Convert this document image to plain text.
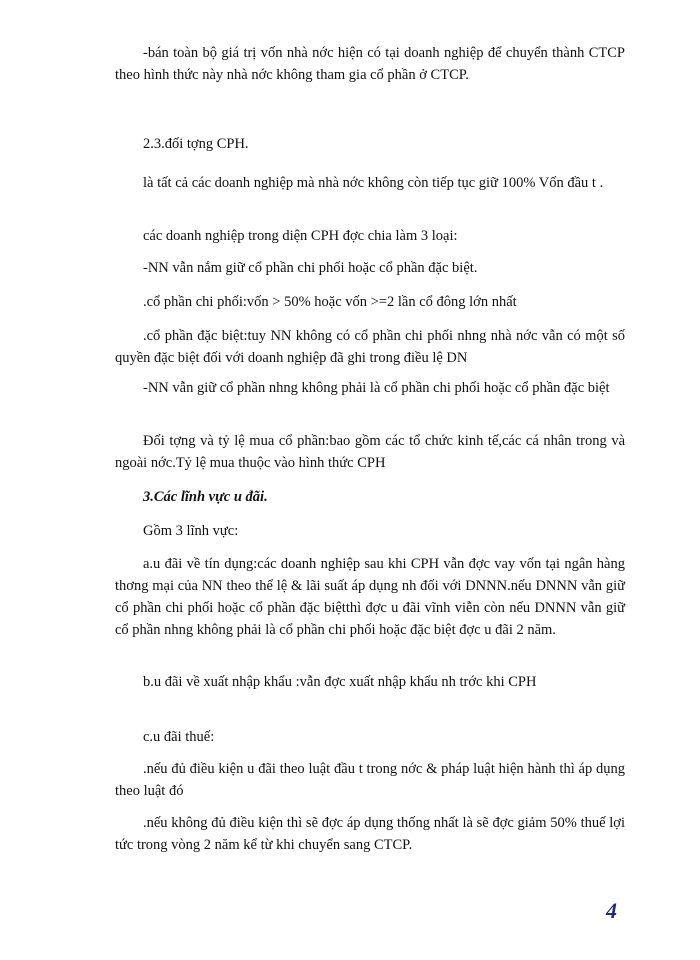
-bán toàn bộ giá trị vốn nhà nớc hiện có tại doanh nghiệp để chuyển thành CTCP theo hình thức này nhà nớc không tham gia cổ phần ở CTCP.

2.3.đối tợng CPH.

là tất cả các doanh nghiệp mà nhà nớc không còn tiếp tục giữ 100% Vốn đầu t .

các doanh nghiệp trong diện CPH đợc chia làm 3 loại:

-NN vẫn nắm giữ cổ phần chi phối hoặc cổ phần đặc biệt.

.cổ phần chi phối:vốn > 50% hoặc vốn >=2 lần cổ đông lớn nhất

.cổ phần đặc biệt:tuy NN không có cổ phần chi phối nhng nhà nớc vẫn có một số quyền đặc biệt đối với doanh nghiệp đã ghi trong điều lệ DN

-NN vẫn giữ cổ phần nhng không phải là cổ phần chi phối hoặc cổ phần đặc biệt

Đối tợng và tỷ lệ mua cổ phần:bao gồm các tổ chức kinh tế,các cá nhân trong và ngoài nớc.Tỷ lệ mua thuộc vào hình thức CPH

3.Các lĩnh vực u đãi.

Gồm 3 lĩnh vực:

a.u đãi về tín dụng:các doanh nghiệp sau khi CPH vẫn đợc vay vốn tại ngân hàng thơng mại của NN theo thể lệ & lãi suất áp dụng nh đối với DNNN.nếu DNNN vẫn giữ cổ phần chi phối hoặc cổ phần đặc biệtthì đợc u đãi vĩnh viễn còn nếu DNNN vẫn giữ cổ phần nhng không phải là cổ phần chi phối hoặc đặc biệt đợc u đãi 2 năm.

b.u đãi về xuất nhập khẩu :vẫn đợc xuất nhập khẩu nh trớc khi CPH

c.u đãi thuế:

.nếu đủ điều kiện u đãi theo luật đầu t trong nớc & pháp luật hiện hành thì áp dụng theo luật đó

.nếu không đủ điều kiện thì sẽ đợc áp dụng thống nhất là sẽ đợc giảm 50% thuế lợi tức trong vòng 2 năm kể từ khi chuyển sang CTCP.

4
